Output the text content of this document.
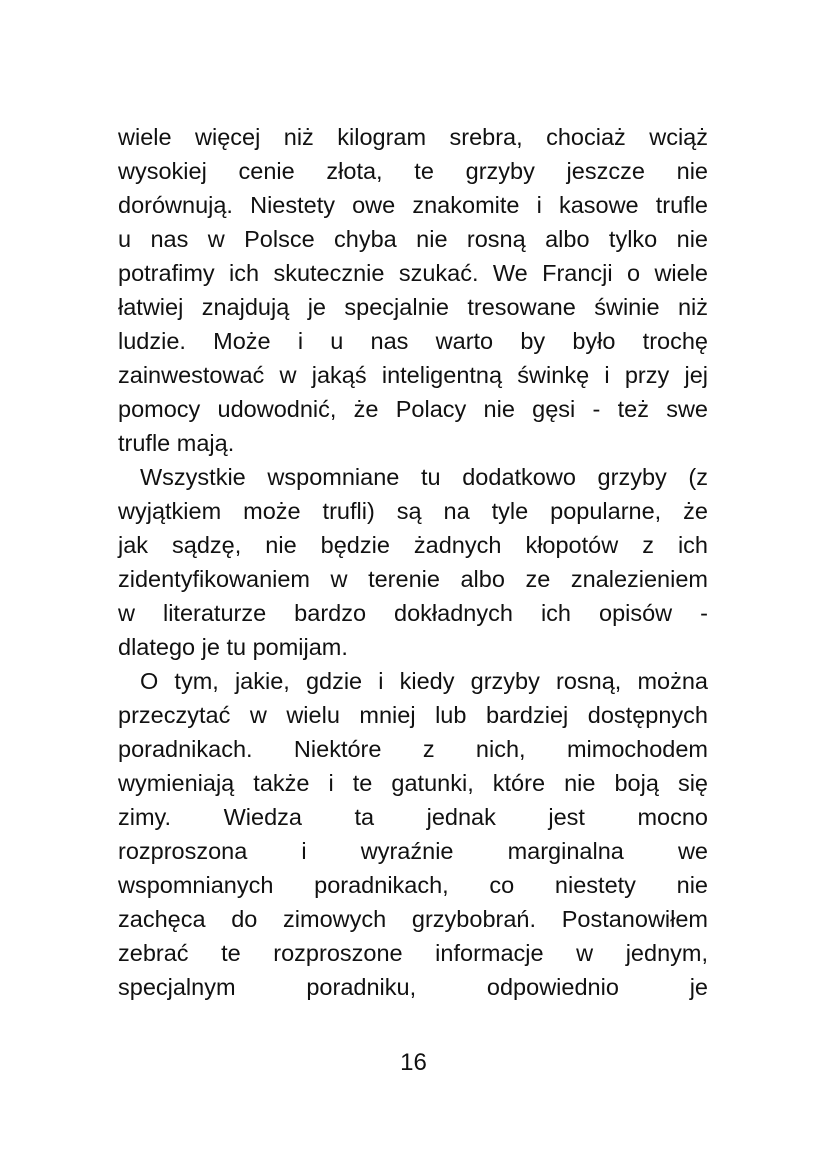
wiele więcej niż kilogram srebra, chociaż wciąż
wysokiej cenie złota, te grzyby jeszcze nie
dorównują. Niestety owe znakomite i kasowe trufle
u nas w Polsce chyba nie rosną albo tylko nie
potrafimy ich skutecznie szukać. We Francji o wiele
łatwiej znajdują je specjalnie tresowane świnie niż
ludzie. Może i u nas warto by było trochę
zainwestować w jakąś inteligentną świnkę i przy jej
pomocy udowodnić, że Polacy nie gęsi - też swe
trufle mają.
Wszystkie wspomniane tu dodatkowo grzyby (z
wyjątkiem może trufli) są na tyle popularne, że
jak sądzę, nie będzie żadnych kłopotów z ich
zidentyfikowaniem w terenie albo ze znalezieniem
w literaturze bardzo dokładnych ich opisów -
dlatego je tu pomijam.
O tym, jakie, gdzie i kiedy grzyby rosną, można
przeczytać w wielu mniej lub bardziej dostępnych
poradnikach. Niektóre z nich, mimochodem
wymieniają także i te gatunki, które nie boją się
zimy. Wiedza ta jednak jest mocno
rozproszona i wyraźnie marginalna we
wspomnianych poradnikach, co niestety nie
zachęca do zimowych grzybobrań. Postanowiłem
zebrać te rozproszone informacje w jednym,
specjalnym poradniku, odpowiednio je
16
